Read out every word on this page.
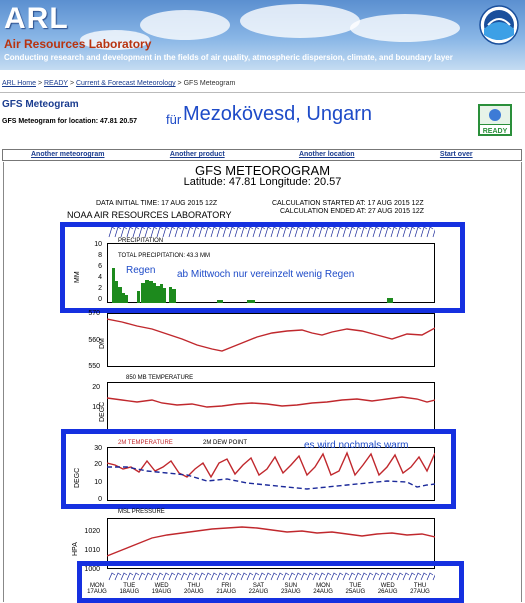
ARL
Air Resources Laboratory
Conducting research and development in the fields of air quality, atmospheric dispersion, climate, and boundary layer
ARL Home > READY > Current & Forecast Meteorology > GFS Meteogram
GFS Meteogram
GFS Meteogram for location: 47.81 20.57 für Mezokövesd, Ungarn
READY
Another meteorogram	Another product	Another location	Start over
GFS METEOROGRAM
Latitude: 47.81 Longitude: 20.57
DATA INITIAL TIME: 17 AUG 2015 12Z
NOAA AIR RESOURCES LABORATORY
CALCULATION STARTED AT: 17 AUG 2015 12Z
CALCULATION ENDED AT: 27 AUG 2015 12Z
PRECIPITATION
TOTAL PRECIPITATION: 43.3 MM
MM
10
8
6
4
2
0
Regen ab Mittwoch nur vereinzelt wenig Regen
DM
570
560
550
850 MB TEMPERATURE
DEGC
20
10
2M TEMPERATURE	2M DEW POINT
DEGC
30
20
10
0
es wird nochmals warm
MSL PRESSURE
HPA
1020
1010
1000
MON
17AUG
TUE
18AUG
WED
19AUG
THU
20AUG
FRI
21AUG
SAT
22AUG
SUN
23AUG
MON
24AUG
TUE
25AUG
WED
26AUG
THU
27AUG
